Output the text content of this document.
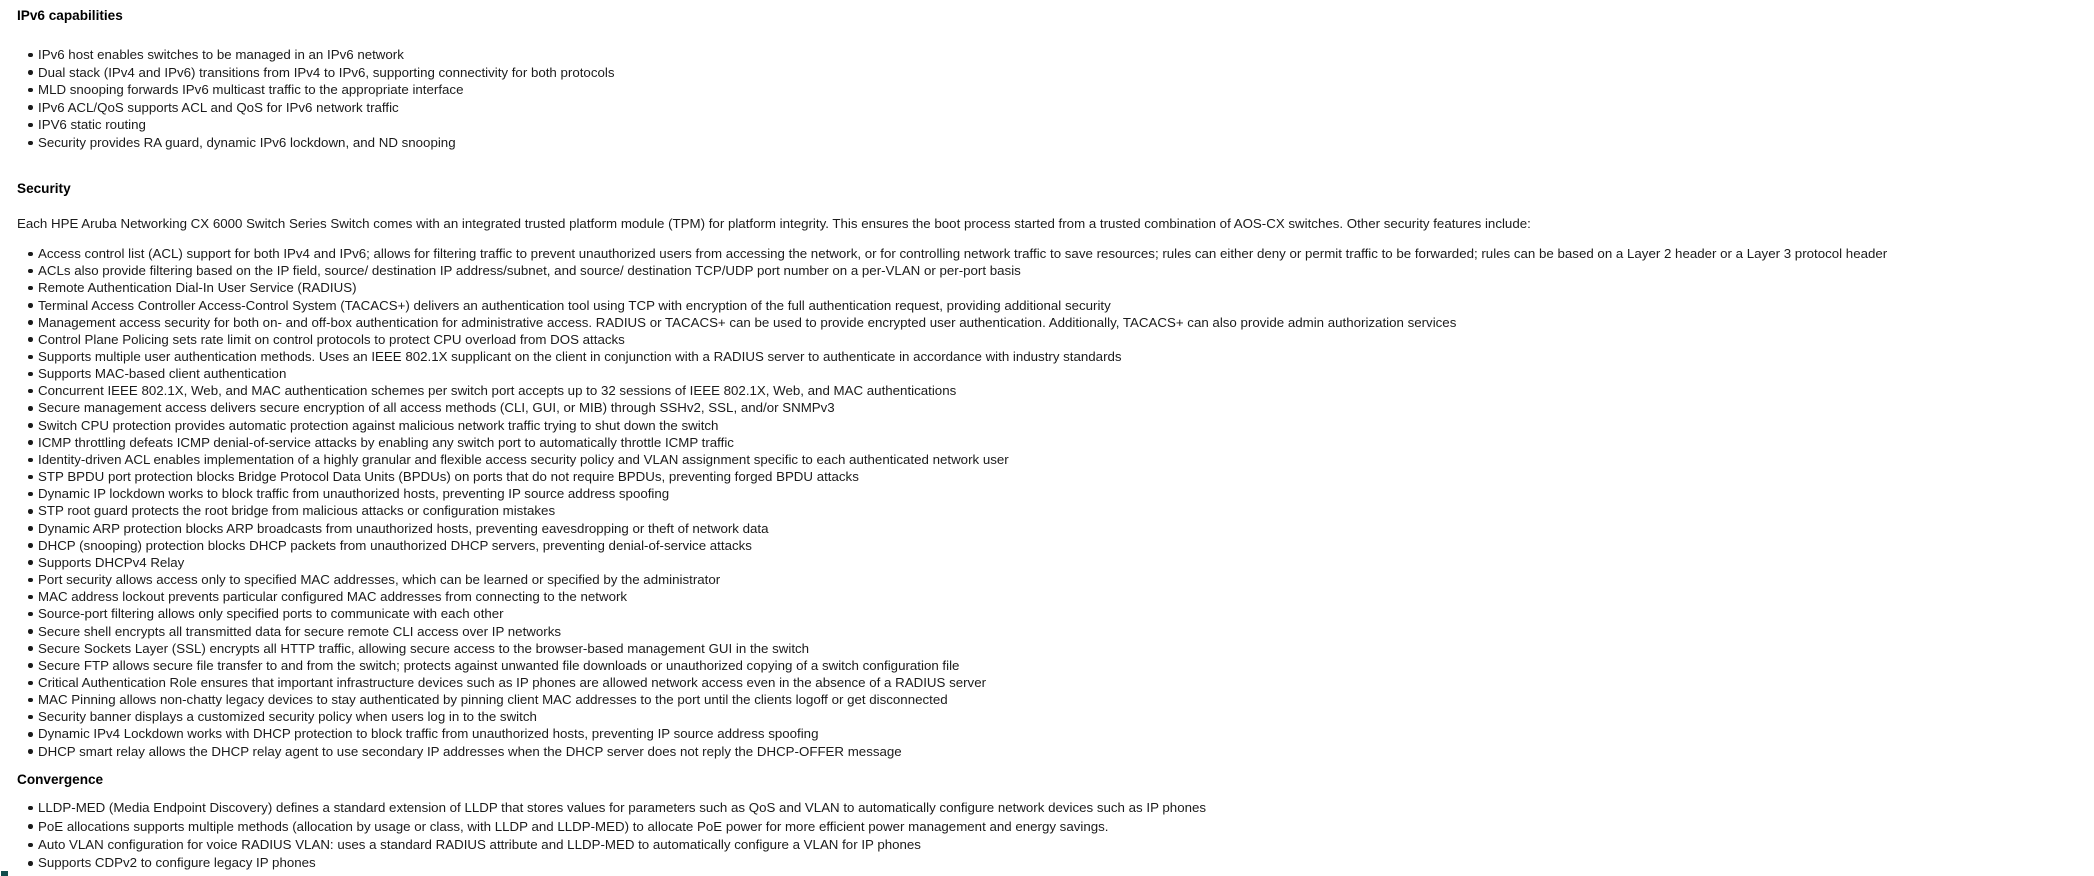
IPv6 capabilities
IPv6 host enables switches to be managed in an IPv6 network
Dual stack (IPv4 and IPv6) transitions from IPv4 to IPv6, supporting connectivity for both protocols
MLD snooping forwards IPv6 multicast traffic to the appropriate interface
IPv6 ACL/QoS supports ACL and QoS for IPv6 network traffic
IPV6 static routing
Security provides RA guard, dynamic IPv6 lockdown, and ND snooping
Security
Each HPE Aruba Networking CX 6000 Switch Series Switch comes with an integrated trusted platform module (TPM) for platform integrity. This ensures the boot process started from a trusted combination of AOS-CX switches. Other security features include:
Access control list (ACL) support for both IPv4 and IPv6; allows for filtering traffic to prevent unauthorized users from accessing the network, or for controlling network traffic to save resources; rules can either deny or permit traffic to be forwarded; rules can be based on a Layer 2 header or a Layer 3 protocol header
ACLs also provide filtering based on the IP field, source/ destination IP address/subnet, and source/ destination TCP/UDP port number on a per-VLAN or per-port basis
Remote Authentication Dial-In User Service (RADIUS)
Terminal Access Controller Access-Control System (TACACS+) delivers an authentication tool using TCP with encryption of the full authentication request, providing additional security
Management access security for both on- and off-box authentication for administrative access. RADIUS or TACACS+ can be used to provide encrypted user authentication. Additionally, TACACS+ can also provide admin authorization services
Control Plane Policing sets rate limit on control protocols to protect CPU overload from DOS attacks
Supports multiple user authentication methods. Uses an IEEE 802.1X supplicant on the client in conjunction with a RADIUS server to authenticate in accordance with industry standards
Supports MAC-based client authentication
Concurrent IEEE 802.1X, Web, and MAC authentication schemes per switch port accepts up to 32 sessions of IEEE 802.1X, Web, and MAC authentications
Secure management access delivers secure encryption of all access methods (CLI, GUI, or MIB) through SSHv2, SSL, and/or SNMPv3
Switch CPU protection provides automatic protection against malicious network traffic trying to shut down the switch
ICMP throttling defeats ICMP denial-of-service attacks by enabling any switch port to automatically throttle ICMP traffic
Identity-driven ACL enables implementation of a highly granular and flexible access security policy and VLAN assignment specific to each authenticated network user
STP BPDU port protection blocks Bridge Protocol Data Units (BPDUs) on ports that do not require BPDUs, preventing forged BPDU attacks
Dynamic IP lockdown works to block traffic from unauthorized hosts, preventing IP source address spoofing
STP root guard protects the root bridge from malicious attacks or configuration mistakes
Dynamic ARP protection blocks ARP broadcasts from unauthorized hosts, preventing eavesdropping or theft of network data
DHCP (snooping) protection blocks DHCP packets from unauthorized DHCP servers, preventing denial-of-service attacks
Supports DHCPv4 Relay
Port security allows access only to specified MAC addresses, which can be learned or specified by the administrator
MAC address lockout prevents particular configured MAC addresses from connecting to the network
Source-port filtering allows only specified ports to communicate with each other
Secure shell encrypts all transmitted data for secure remote CLI access over IP networks
Secure Sockets Layer (SSL) encrypts all HTTP traffic, allowing secure access to the browser-based management GUI in the switch
Secure FTP allows secure file transfer to and from the switch; protects against unwanted file downloads or unauthorized copying of a switch configuration file
Critical Authentication Role ensures that important infrastructure devices such as IP phones are allowed network access even in the absence of a RADIUS server
MAC Pinning allows non-chatty legacy devices to stay authenticated by pinning client MAC addresses to the port until the clients logoff or get disconnected
Security banner displays a customized security policy when users log in to the switch
Dynamic IPv4 Lockdown works with DHCP protection to block traffic from unauthorized hosts, preventing IP source address spoofing
DHCP smart relay allows the DHCP relay agent to use secondary IP addresses when the DHCP server does not reply the DHCP-OFFER message
Convergence
LLDP-MED (Media Endpoint Discovery) defines a standard extension of LLDP that stores values for parameters such as QoS and VLAN to automatically configure network devices such as IP phones
PoE allocations supports multiple methods (allocation by usage or class, with LLDP and LLDP-MED) to allocate PoE power for more efficient power management and energy savings.
Auto VLAN configuration for voice RADIUS VLAN: uses a standard RADIUS attribute and LLDP-MED to automatically configure a VLAN for IP phones
Supports CDPv2 to configure legacy IP phones
